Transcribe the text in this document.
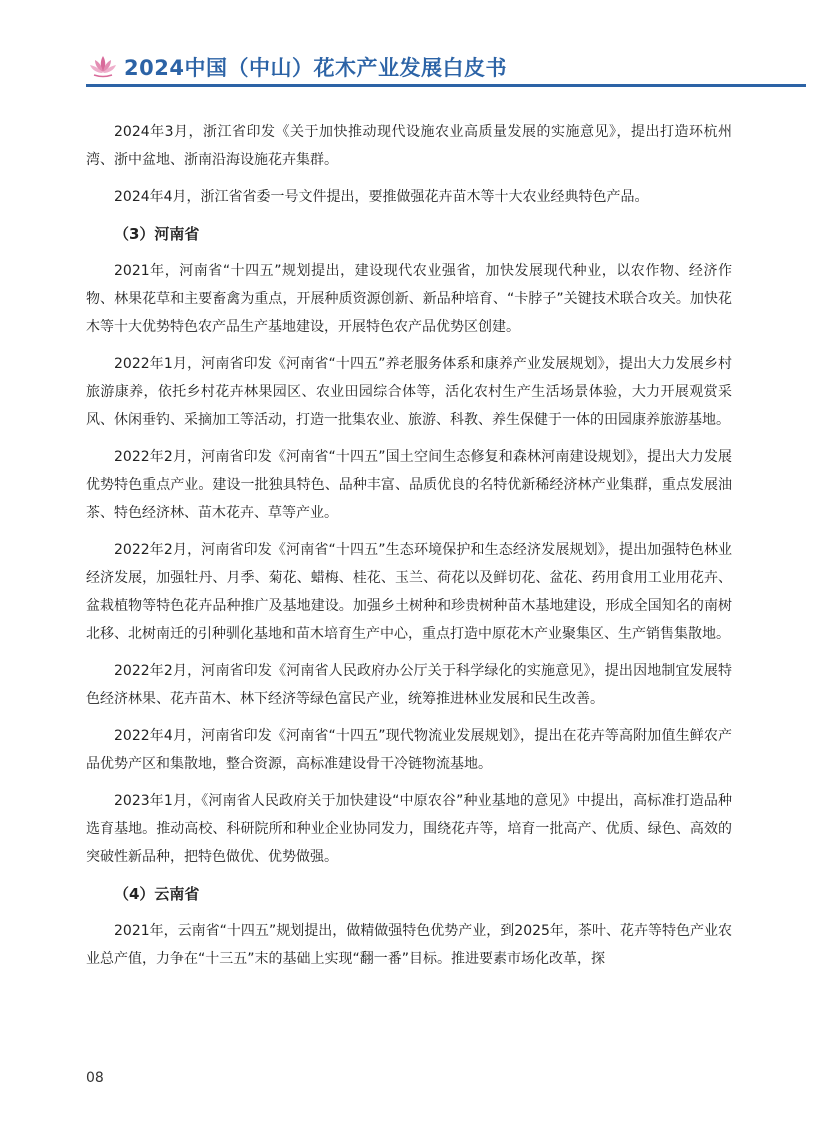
2024中国（中山）花木产业发展白皮书

2024年3月，浙江省印发《关于加快推动现代设施农业高质量发展的实施意见》，提出打造环杭州湾、浙中盆地、浙南沿海设施花卉集群。

2024年4月，浙江省省委一号文件提出，要推做强花卉苗木等十大农业经典特色产品。

（3）河南省

2021年，河南省“十四五”规划提出，建设现代农业强省，加快发展现代种业，以农作物、经济作物、林果花草和主要畜禽为重点，开展种质资源创新、新品种培育、“卡脖子”关键技术联合攻关。加快花木等十大优势特色农产品生产基地建设，开展特色农产品优势区创建。

2022年1月，河南省印发《河南省“十四五”养老服务体系和康养产业发展规划》，提出大力发展乡村旅游康养，依托乡村花卉林果园区、农业田园综合体等，活化农村生产生活场景体验，大力开展观赏采风、休闲垂钓、采摘加工等活动，打造一批集农业、旅游、科教、养生保健于一体的田园康养旅游基地。

2022年2月，河南省印发《河南省“十四五”国土空间生态修复和森林河南建设规划》，提出大力发展优势特色重点产业。建设一批独具特色、品种丰富、品质优良的名特优新稀经济林产业集群，重点发展油茶、特色经济林、苗木花卉、草等产业。

2022年2月，河南省印发《河南省“十四五”生态环境保护和生态经济发展规划》，提出加强特色林业经济发展，加强牡丹、月季、菊花、蜡梅、桂花、玉兰、荷花以及鲜切花、盆花、药用食用工业用花卉、盆栽植物等特色花卉品种推广及基地建设。加强乡土树种和珍贵树种苗木基地建设，形成全国知名的南树北移、北树南迁的引种驯化基地和苗木培育生产中心，重点打造中原花木产业聚集区、生产销售集散地。

2022年2月，河南省印发《河南省人民政府办公厅关于科学绿化的实施意见》，提出因地制宜发展特色经济林果、花卉苗木、林下经济等绿色富民产业，统筹推进林业发展和民生改善。

2022年4月，河南省印发《河南省“十四五”现代物流业发展规划》，提出在花卉等高附加值生鲜农产品优势产区和集散地，整合资源，高标准建设骨干冷链物流基地。

2023年1月，《河南省人民政府关于加快建设“中原农谷”种业基地的意见》中提出，高标准打造品种选育基地。推动高校、科研院所和种业企业协同发力，围绕花卉等，培育一批高产、优质、绿色、高效的突破性新品种，把特色做优、优势做强。

（4）云南省

2021年，云南省“十四五”规划提出，做精做强特色优势产业，到2025年，茶叶、花卉等特色产业农业总产值，力争在“十三五”末的基础上实现“翻一番”目标。推进要素市场化改革，探

08
